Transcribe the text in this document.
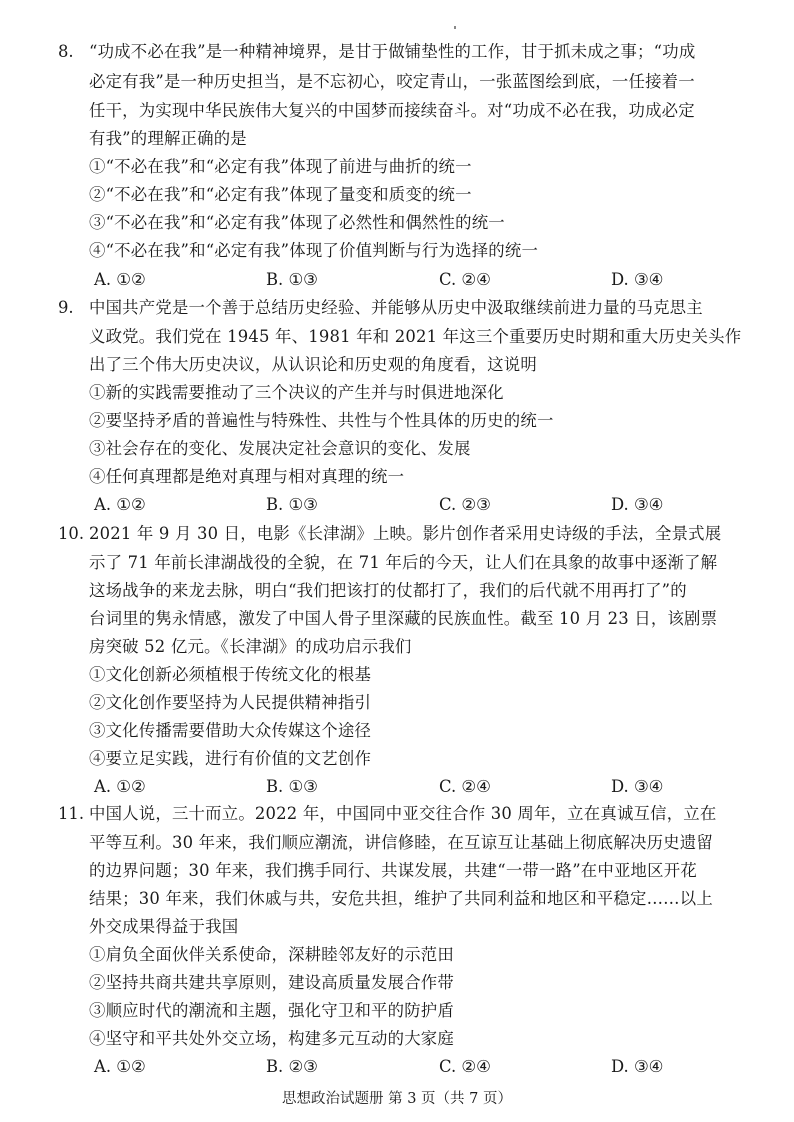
8. “功成不必在我”是一种精神境界，是甘于做铺垫性的工作，甘于抓未成之事；“功成
必定有我”是一种历史担当，是不忘初心，咬定青山，一张蓝图绘到底，一任接着一
任干，为实现中华民族伟大复兴的中国梦而接续奋斗。对“功成不必在我，功成必定
有我”的理解正确的是
①“不必在我”和“必定有我”体现了前进与曲折的统一
②“不必在我”和“必定有我”体现了量变和质变的统一
③“不必在我”和“必定有我”体现了必然性和偶然性的统一
④“不必在我”和“必定有我”体现了价值判断与行为选择的统一
A. ①②	B. ①③	C. ②④	D. ③④
9. 中国共产党是一个善于总结历史经验、并能够从历史中汲取继续前进力量的马克思主
义政党。我们党在 1945 年、1981 年和 2021 年这三个重要历史时期和重大历史关头作
出了三个伟大历史决议，从认识论和历史观的角度看，这说明
①新的实践需要推动了三个决议的产生并与时俱进地深化
②要坚持矛盾的普遍性与特殊性、共性与个性具体的历史的统一
③社会存在的变化、发展决定社会意识的变化、发展
④任何真理都是绝对真理与相对真理的统一
A. ①②	B. ①③	C. ②③	D. ③④
10. 2021 年 9 月 30 日，电影《长津湖》上映。影片创作者采用史诗级的手法，全景式展
示了 71 年前长津湖战役的全貌，在 71 年后的今天，让人们在具象的故事中逐渐了解
这场战争的来龙去脉，明白“我们把该打的仗都打了，我们的后代就不用再打了”的
台词里的隽永情感，激发了中国人骨子里深藏的民族血性。截至 10 月 23 日，该剧票
房突破 52 亿元。《长津湖》的成功启示我们
①文化创新必须植根于传统文化的根基
②文化创作要坚持为人民提供精神指引
③文化传播需要借助大众传媒这个途径
④要立足实践，进行有价值的文艺创作
A. ①②	B. ①③	C. ②④	D. ③④
11. 中国人说，三十而立。2022 年，中国同中亚交往合作 30 周年，立在真诚互信，立在
平等互利。30 年来，我们顺应潮流，讲信修睦，在互谅互让基础上彻底解决历史遗留
的边界问题；30 年来，我们携手同行、共谋发展，共建“一带一路”在中亚地区开花
结果；30 年来，我们休戚与共，安危共担，维护了共同利益和地区和平稳定……以上
外交成果得益于我国
①肩负全面伙伴关系使命，深耕睦邻友好的示范田
②坚持共商共建共享原则，建设高质量发展合作带
③顺应时代的潮流和主题，强化守卫和平的防护盾
④坚守和平共处外交立场，构建多元互动的大家庭
A. ①②	B. ②③	C. ②④	D. ③④
思想政治试题册 第 3 页（共 7 页）
